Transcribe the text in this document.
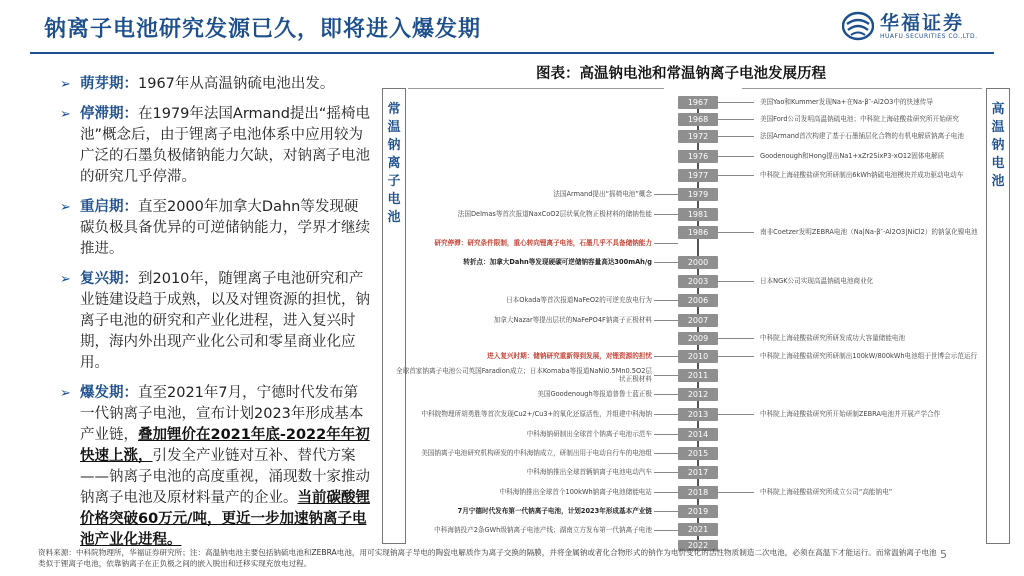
钠离子电池研究发源已久，即将进入爆发期	华福证券
HUAFU SECURITIES CO.,LTD.
➢ 萌芽期：1967年从高温钠硫电池出发。
➢ 停滞期：在1979年法国Armand提出“摇椅电池”概念后，由于锂离子电池体系中应用较为广泛的石墨负极储钠能力欠缺，对钠离子电池的研究几乎停滞。
➢ 重启期：直至2000年加拿大Dahn等发现硬碳负极具备优异的可逆储钠能力，学界才继续推进。
➢ 复兴期：到2010年，随锂离子电池研究和产业链建设趋于成熟，以及对锂资源的担忧，钠离子电池的研究和产业化进程，进入复兴时期，海内外出现产业化公司和零星商业化应用。
➢ 爆发期：直至2021年7月，宁德时代发布第一代钠离子电池，宣布计划2023年形成基本产业链，叠加锂价在2021年底-2022年年初快速上涨，引发全产业链对互补、替代方案——钠离子电池的高度重视，涌现数十家推动钠离子电池及原材料量产的企业。当前碳酸锂价格突破60万元/吨，更近一步加速钠离子电池产业化进程。
图表：高温钠电池和常温钠离子电池发展历程
常温钠离子电池
高温钠电池
1967
1968
1972
1976
1977
1979
1981
1986
2000
2003
2006
2007
2009
2010
2011
2012
2013
2014
2015
2017
2018
2019
2021
2022
美国Yao和Kummer发现Na+在Na-β″-Al2O3中的快速传导
美国Ford公司发明高温钠硫电池；中科院上海硅酸盐研究所开始研究
法国Armand首次构建了基于石墨插层化合物的有机电解质钠离子电池
Goodenough和Hong提出Na1+xZr2SixP3-xO12固体电解质
中科院上海硅酸盐研究所研制出6kWh钠硫电池模块并成功驱动电动车
南非Coetzer发明ZEBRA电池（Na|Na-β″-Al2O3|NiCl2）的钠氯化镍电池
日本NGK公司实现高温钠硫电池商业化
中科院上海硅酸盐研究所研发成功大容量储能电池
中科院上海硅酸盐研究所研制出100kW/800kWh电池组于世博会示范运行
中科院上海硅酸盐研究所开始研制ZEBRA电池并开展产学合作
中科院上海硅酸盐研究所成立公司“高能钠电”
法国Armand提出“摇椅电池”概念
法国Delmas等首次报道NaxCoO2层状氧化物正极材料的储钠性能
研究停滞：研究条件限制，重心转向锂离子电池，石墨几乎不具备储钠能力
转折点：加拿大Dahn等发现硬碳可逆储钠容量高达300mAh/g
日本Okada等首次报道NaFeO2的可逆充放电行为
加拿大Nazar等提出层状的NaFePO4F钠离子正极材料
进入复兴时期：储钠研究重新得到发展，对锂资源的担忧
全球首家钠离子电池公司英国Faradion成立；日本Komaba等报道NaNi0.5Mn0.5O2层状正极材料
美国Goodenough等报道普鲁士蓝正极
中科院物理所胡勇胜等首次发现Cu2+/Cu3+的氧化还原活性，并组建中科海钠
中科海钠研制出全球首个钠离子电池示范车
美国钠离子电池研究机构研发的中科海钠成立，研制出用于电动自行车的电池组
中科海钠推出全球首辆钠离子电池电动汽车
中科海钠推出全球首个100kWh钠离子电池储能电站
7月宁德时代发布第一代钠离子电池，计划2023年形成基本产业链
中科海钠投产2条GWh级钠离子电池产线；湖南立方发布第一代钠离子电池
资料来源：中科院物理所，华福证券研究所；注：高温钠电池主要包括钠硫电池和ZEBRA电池，用可实现钠离子导电的陶瓷电解质作为离子交换的隔膜，并将金属钠或者化合物形式的钠作为电价变化的活性物质制造二次电池，必须在高温下才能运行。而常温钠离子电池类似于锂离子电池，依靠钠离子在正负极之间的嵌入脱出和迁移实现充放电过程。
5
